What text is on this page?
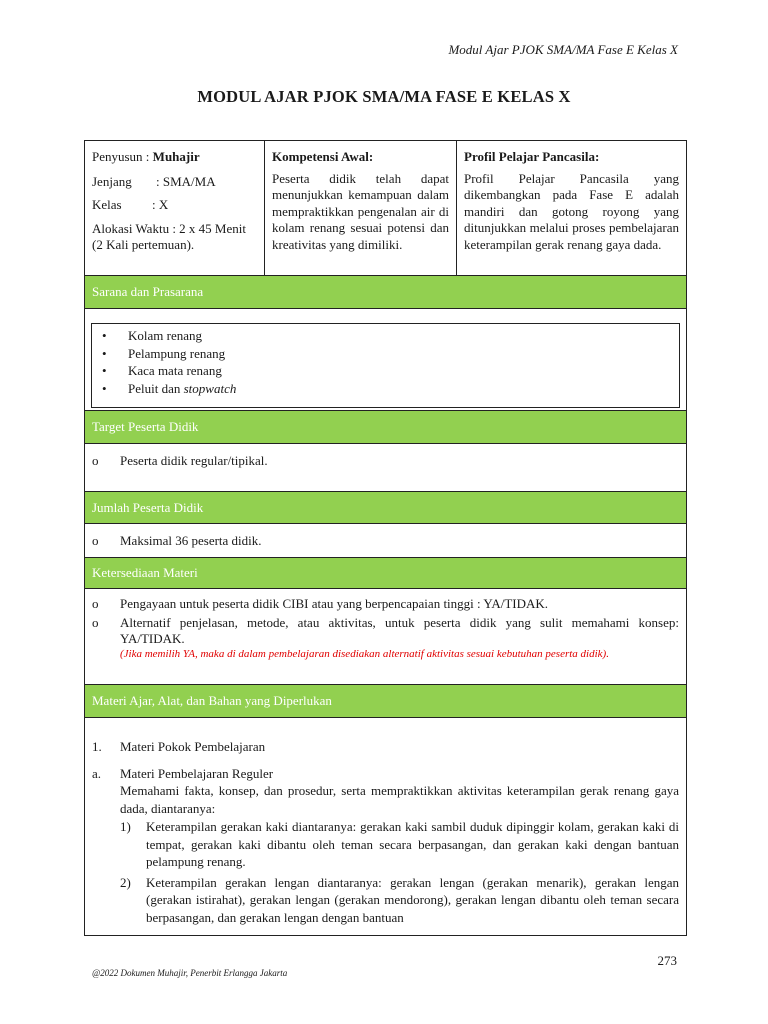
Modul Ajar PJOK SMA/MA Fase E Kelas X
MODUL AJAR PJOK SMA/MA FASE E KELAS X

Penyusun : Muhajir

Jenjang : SMA/MA

Kelas : X

Alokasi Waktu : 2 x 45 Menit (2 Kali pertemuan).

Kompetensi Awal:
Peserta didik telah dapat menunjukkan kemampuan dalam mempraktikkan pengenalan air di kolam renang sesuai potensi dan kreativitas yang dimiliki.
Profil Pelajar Pancasila:
Profil Pelajar Pancasila yang dikembangkan pada Fase E adalah mandiri dan gotong royong yang ditunjukkan melalui proses pembelajaran keterampilan gerak renang gaya dada.
Sarana dan Prasarana
•	Kolam renang
•	Pelampung renang
•	Kaca mata renang
•	Peluit dan stopwatch
Target Peserta Didik
o	Peserta didik regular/tipikal.
Jumlah Peserta Didik
o	Maksimal 36 peserta didik.
Ketersediaan Materi
o	Pengayaan untuk peserta didik CIBI atau yang berpencapaian tinggi : YA/TIDAK.
o	Alternatif penjelasan, metode, atau aktivitas, untuk peserta didik yang sulit memahami konsep: YA/TIDAK.
(Jika memilih YA, maka di dalam pembelajaran disediakan alternatif aktivitas sesuai kebutuhan peserta didik).
Materi Ajar, Alat, dan Bahan yang Diperlukan
1.	Materi Pokok Pembelajaran
a.	Materi Pembelajaran Reguler
Memahami fakta, konsep, dan prosedur, serta mempraktikkan aktivitas keterampilan gerak renang gaya dada, diantaranya:
1)	Keterampilan gerakan kaki diantaranya: gerakan kaki sambil duduk dipinggir kolam, gerakan kaki di tempat, gerakan kaki dibantu oleh teman secara berpasangan, dan gerakan kaki dengan bantuan pelampung renang.
2)	Keterampilan gerakan lengan diantaranya: gerakan lengan (gerakan menarik), gerakan lengan (gerakan istirahat), gerakan lengan (gerakan mendorong), gerakan lengan dibantu oleh teman secara berpasangan, dan gerakan lengan dengan bantuan
273
@2022 Dokumen Muhajir, Penerbit Erlangga Jakarta
